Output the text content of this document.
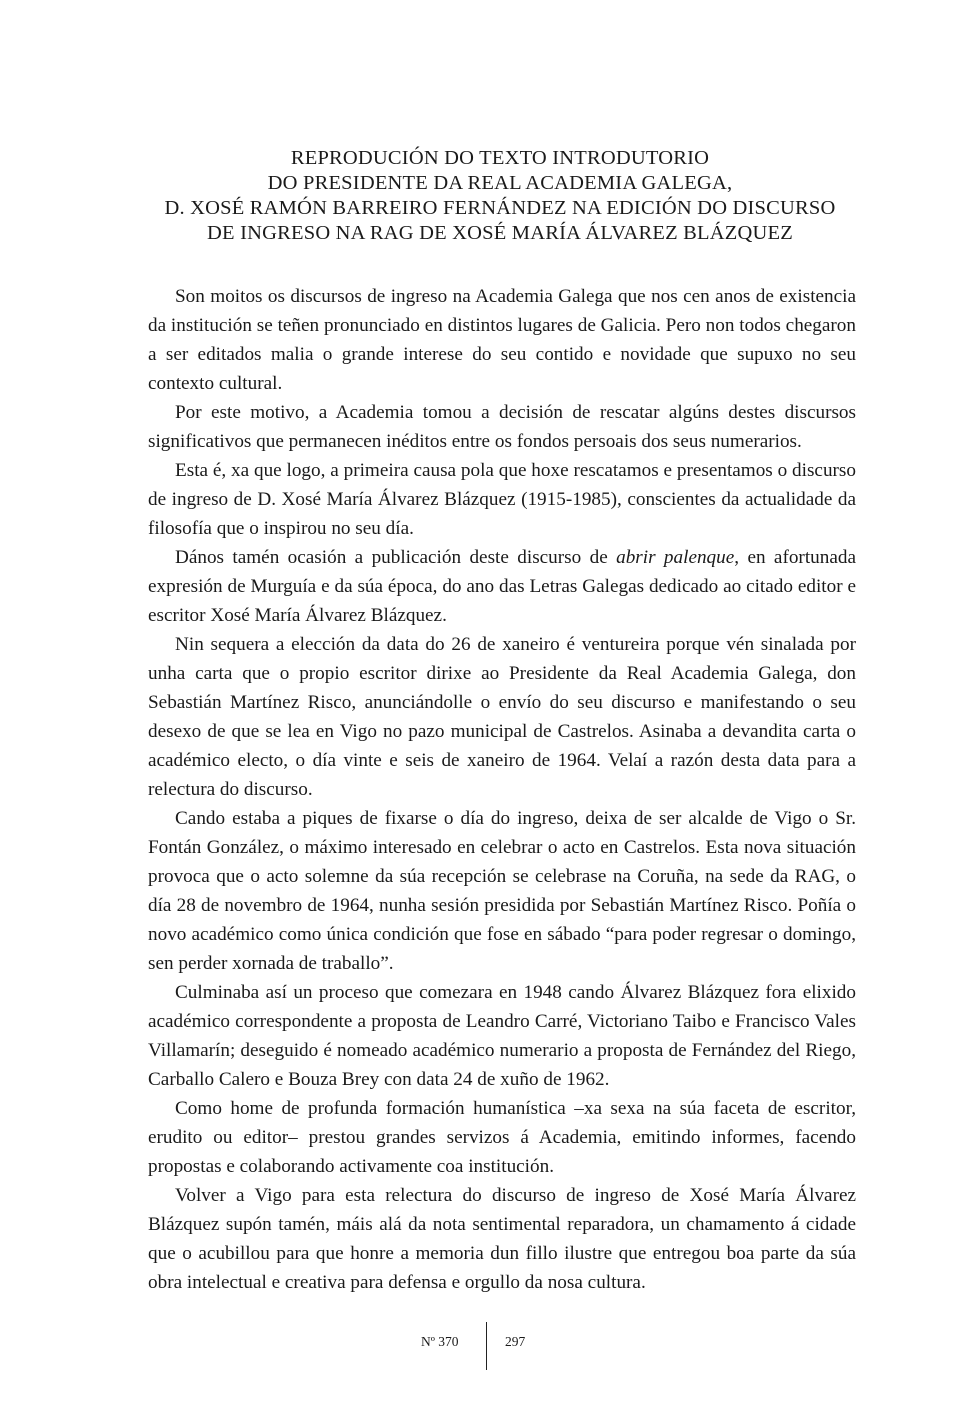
REPRODUCIÓN DO TEXTO INTRODUTORIO
DO PRESIDENTE DA REAL ACADEMIA GALEGA,
D. XOSÉ RAMÓN BARREIRO FERNÁNDEZ NA EDICIÓN DO DISCURSO
DE INGRESO NA RAG DE XOSÉ MARÍA ÁLVAREZ BLÁZQUEZ

Son moitos os discursos de ingreso na Academia Galega que nos cen anos de existencia da institución se teñen pronunciado en distintos lugares de Galicia. Pero non todos chegaron a ser editados malia o grande interese do seu contido e novidade que supuxo no seu contexto cultural.

Por este motivo, a Academia tomou a decisión de rescatar algúns destes discursos significativos que permanecen inéditos entre os fondos persoais dos seus numerarios.

Esta é, xa que logo, a primeira causa pola que hoxe rescatamos e presentamos o discurso de ingreso de D. Xosé María Álvarez Blázquez (1915-1985), conscientes da actualidade da filosofía que o inspirou no seu día.

Dános tamén ocasión a publicación deste discurso de abrir palenque, en afortunada expresión de Murguía e da súa época, do ano das Letras Galegas dedicado ao citado editor e escritor Xosé María Álvarez Blázquez.

Nin sequera a elección da data do 26 de xaneiro é ventureira porque vén sinalada por unha carta que o propio escritor dirixe ao Presidente da Real Academia Galega, don Sebastián Martínez Risco, anunciándolle o envío do seu discurso e manifestando o seu desexo de que se lea en Vigo no pazo municipal de Castrelos. Asinaba a devandita carta o académico electo, o día vinte e seis de xaneiro de 1964. Velaí a razón desta data para a relectura do discurso.

Cando estaba a piques de fixarse o día do ingreso, deixa de ser alcalde de Vigo o Sr. Fontán González, o máximo interesado en celebrar o acto en Castrelos. Esta nova situación provoca que o acto solemne da súa recepción se celebrase na Coruña, na sede da RAG, o día 28 de novembro de 1964, nunha sesión presidida por Sebastián Martínez Risco. Poñía o novo académico como única condición que fose en sábado “para poder regresar o domingo, sen perder xornada de traballo”.

Culminaba así un proceso que comezara en 1948 cando Álvarez Blázquez fora elixido académico correspondente a proposta de Leandro Carré, Victoriano Taibo e Francisco Vales Villamarín; deseguido é nomeado académico numerario a proposta de Fernández del Riego, Carballo Calero e Bouza Brey con data 24 de xuño de 1962.

Como home de profunda formación humanística –xa sexa na súa faceta de escritor, erudito ou editor– prestou grandes servizos á Academia, emitindo informes, facendo propostas e colaborando activamente coa institución.

Volver a Vigo para esta relectura do discurso de ingreso de Xosé María Álvarez Blázquez supón tamén, máis alá da nota sentimental reparadora, un chamamento á cidade que o acubillou para que honre a memoria dun fillo ilustre que entregou boa parte da súa obra intelectual e creativa para defensa e orgullo da nosa cultura.

Nº 370	297
